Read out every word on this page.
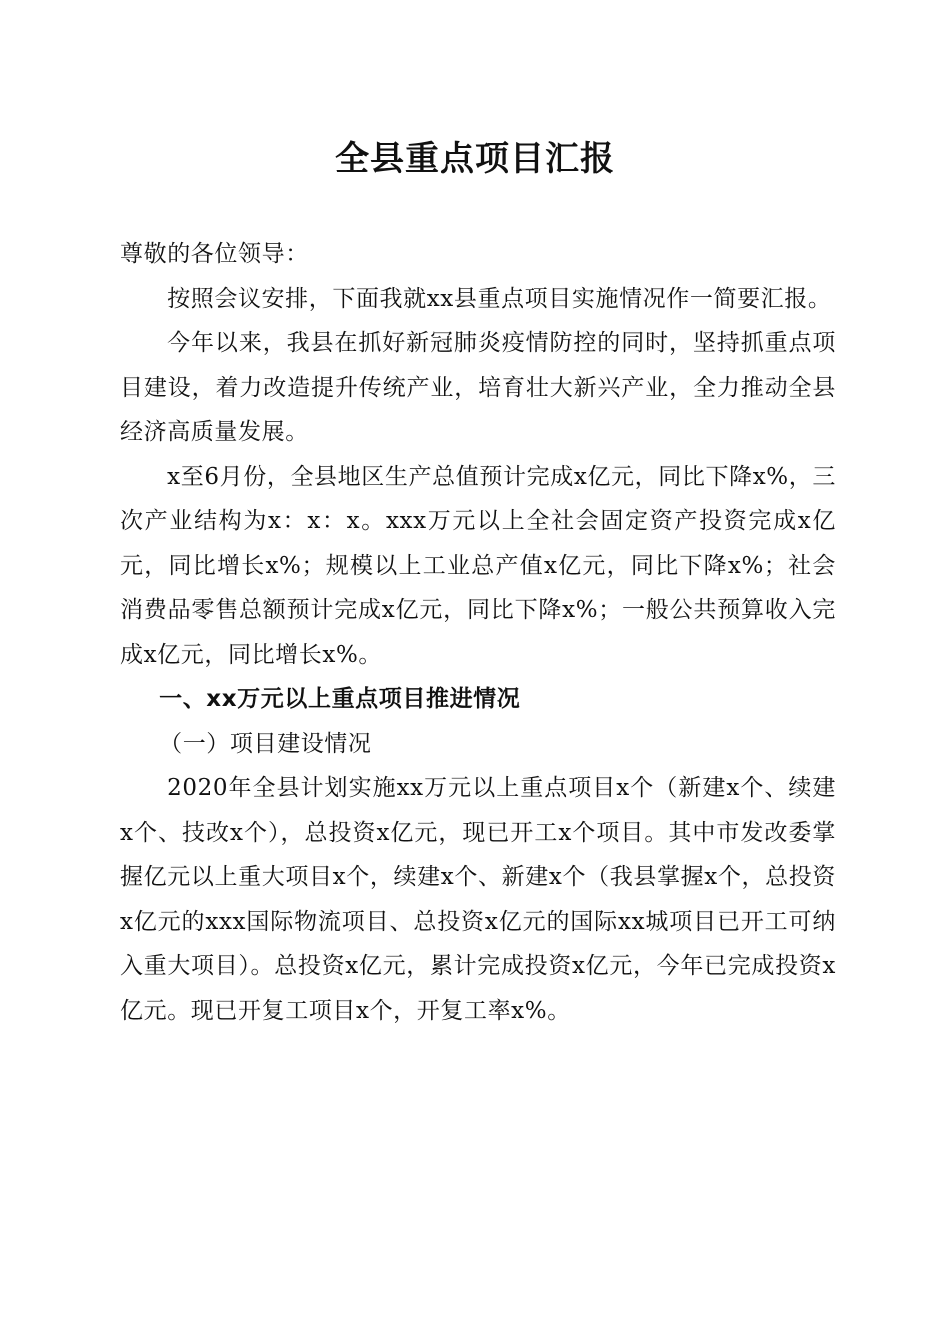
全县重点项目汇报

尊敬的各位领导：

按照会议安排，下面我就xx县重点项目实施情况作一简要汇报。

今年以来，我县在抓好新冠肺炎疫情防控的同时，坚持抓重点项目建设，着力改造提升传统产业，培育壮大新兴产业，全力推动全县经济高质量发展。

x至6月份，全县地区生产总值预计完成x亿元，同比下降x%，三次产业结构为x：x：x。xxx万元以上全社会固定资产投资完成x亿元，同比增长x%；规模以上工业总产值x亿元，同比下降x%；社会消费品零售总额预计完成x亿元，同比下降x%；一般公共预算收入完成x亿元，同比增长x%。

一、xx万元以上重点项目推进情况

（一）项目建设情况

2020年全县计划实施xx万元以上重点项目x个（新建x个、续建x个、技改x个），总投资x亿元，现已开工x个项目。其中市发改委掌握亿元以上重大项目x个，续建x个、新建x个（我县掌握x个，总投资x亿元的xxx国际物流项目、总投资x亿元的国际xx城项目已开工可纳入重大项目）。总投资x亿元，累计完成投资x亿元，今年已完成投资x亿元。现已开复工项目x个，开复工率x%。
